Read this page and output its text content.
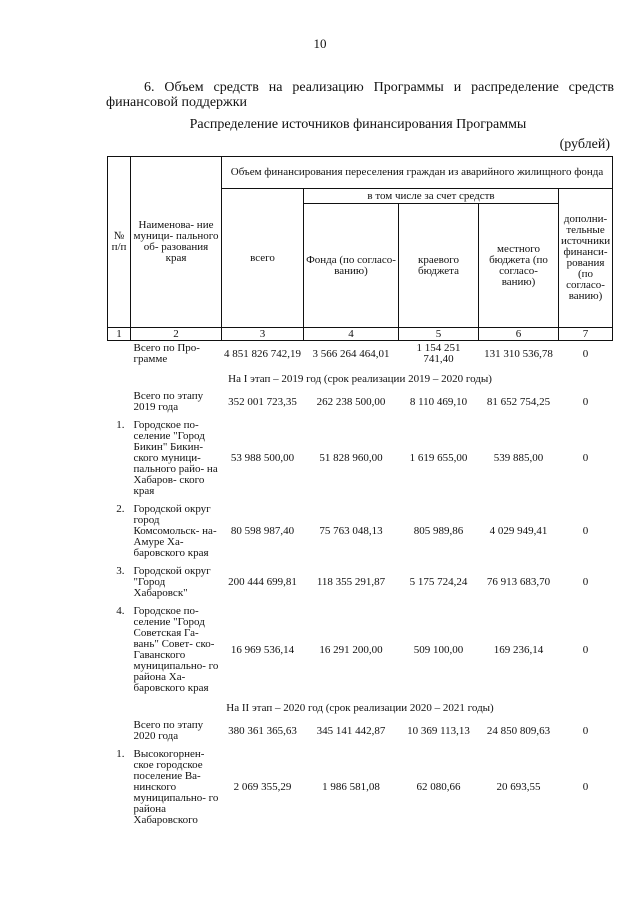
10
6. Объем средств на реализацию Программы и распределение средств
финансовой поддержки
Распределение источников финансирования Программы
(рублей)
№ п/п	Наименова- ние муници- пального об- разования края	Объем финансирования переселения граждан из аварийного жилищного фонда				
		всего	в том числе за счет средств			дополни- тельные источники финанси- рования (по согласо- ванию)
			Фонда (по согласо- ванию)	краевого бюджета	местного бюджета (по согласо- ванию)	
1	2	3	4	5	6	7
	Всего по Про- грамме	4 851 826 742,19	3 566 264 464,01	1 154 251 741,40	131 310 536,78	0
На I этап – 2019 год (срок реализации 2019 – 2020 годы)						
	Всего по этапу 2019 года	352 001 723,35	262 238 500,00	8 110 469,10	81 652 754,25	0
1.	Городское по- селение "Город Бикин" Бикин- ского муници- пального райо- на Хабаров- ского края	53 988 500,00	51 828 960,00	1 619 655,00	539 885,00	0
2.	Городской округ город Комсомольск- на-Амуре Ха- баровского края	80 598 987,40	75 763 048,13	805 989,86	4 029 949,41	0
3.	Городской округ "Город Хабаровск"	200 444 699,81	118 355 291,87	5 175 724,24	76 913 683,70	0
4.	Городское по- селение "Город Советская Га- вань" Совет- ско-Гаванского муниципально- го района Ха- баровского края	16 969 536,14	16 291 200,00	509 100,00	169 236,14	0
На II этап – 2020 год (срок реализации 2020 – 2021 годы)						
	Всего по этапу 2020 года	380 361 365,63	345 141 442,87	10 369 113,13	24 850 809,63	0
1.	Высокогорнен- ское городское поселение Ва- нинского муниципально- го района Хабаровского	2 069 355,29	1 986 581,08	62 080,66	20 693,55	0
